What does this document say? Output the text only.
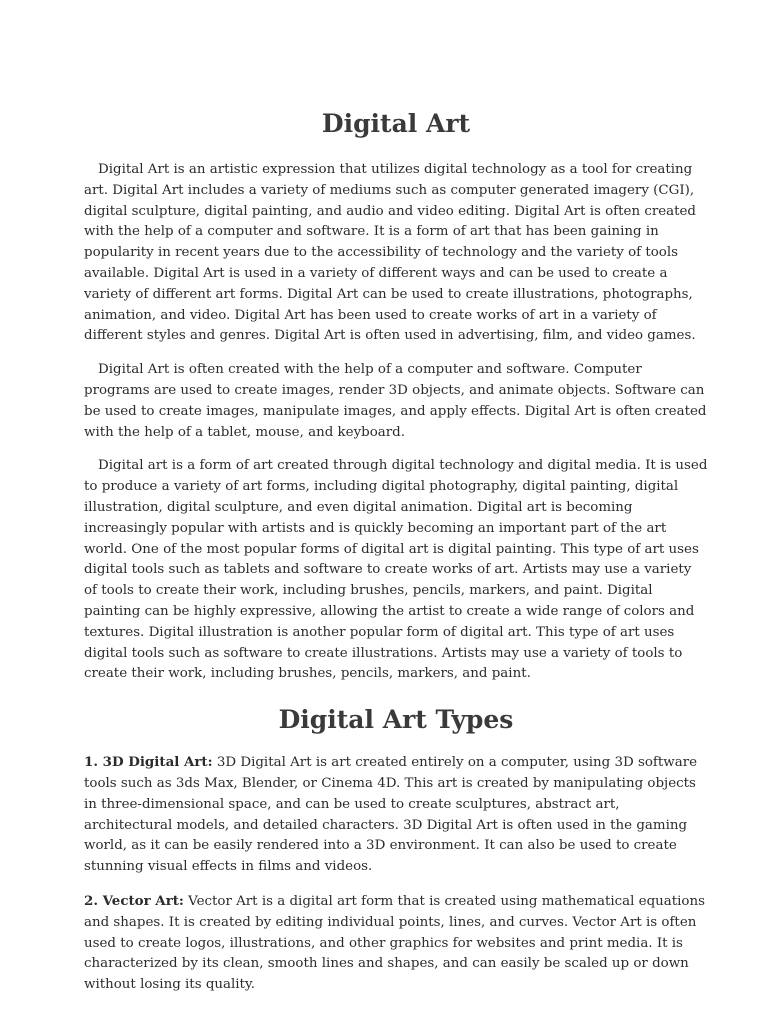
Digital Art

Digital Art is an artistic expression that utilizes digital technology as a tool for creating art. Digital Art includes a variety of mediums such as computer generated imagery (CGI), digital sculpture, digital painting, and audio and video editing. Digital Art is often created with the help of a computer and software. It is a form of art that has been gaining in popularity in recent years due to the accessibility of technology and the variety of tools available. Digital Art is used in a variety of different ways and can be used to create a variety of different art forms. Digital Art can be used to create illustrations, photographs, animation, and video. Digital Art has been used to create works of art in a variety of different styles and genres. Digital Art is often used in advertising, film, and video games.

Digital Art is often created with the help of a computer and software. Computer programs are used to create images, render 3D objects, and animate objects. Software can be used to create images, manipulate images, and apply effects. Digital Art is often created with the help of a tablet, mouse, and keyboard.

Digital art is a form of art created through digital technology and digital media. It is used to produce a variety of art forms, including digital photography, digital painting, digital illustration, digital sculpture, and even digital animation. Digital art is becoming increasingly popular with artists and is quickly becoming an important part of the art world. One of the most popular forms of digital art is digital painting. This type of art uses digital tools such as tablets and software to create works of art. Artists may use a variety of tools to create their work, including brushes, pencils, markers, and paint. Digital painting can be highly expressive, allowing the artist to create a wide range of colors and textures. Digital illustration is another popular form of digital art. This type of art uses digital tools such as software to create illustrations. Artists may use a variety of tools to create their work, including brushes, pencils, markers, and paint.

Digital Art Types

1. 3D Digital Art: 3D Digital Art is art created entirely on a computer, using 3D software tools such as 3ds Max, Blender, or Cinema 4D. This art is created by manipulating objects in three-dimensional space, and can be used to create sculptures, abstract art, architectural models, and detailed characters. 3D Digital Art is often used in the gaming world, as it can be easily rendered into a 3D environment. It can also be used to create stunning visual effects in films and videos.

2. Vector Art: Vector Art is a digital art form that is created using mathematical equations and shapes. It is created by editing individual points, lines, and curves. Vector Art is often used to create logos, illustrations, and other graphics for websites and print media. It is characterized by its clean, smooth lines and shapes, and can easily be scaled up or down without losing its quality.
